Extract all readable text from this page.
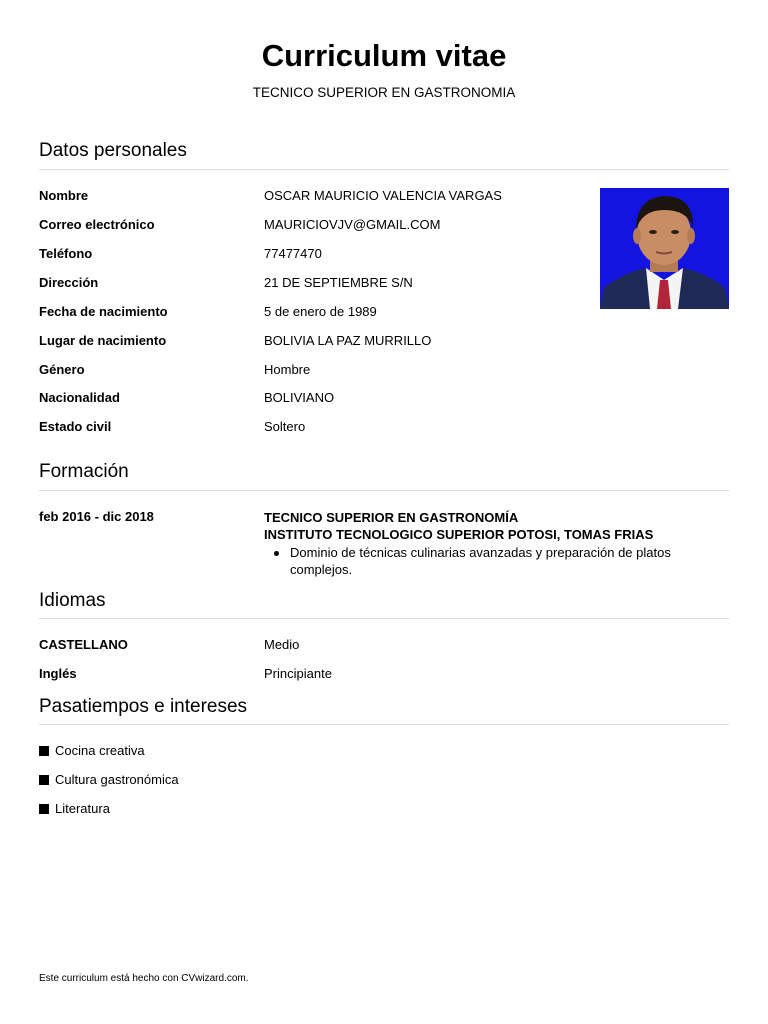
Curriculum vitae
TECNICO SUPERIOR EN GASTRONOMIA
Datos personales
Nombre	OSCAR MAURICIO VALENCIA VARGAS
Correo electrónico	MAURICIOVJV@GMAIL.COM
Teléfono	77477470
Dirección	21 DE SEPTIEMBRE S/N
Fecha de nacimiento	5 de enero de 1989
Lugar de nacimiento	BOLIVIA LA PAZ MURRILLO
Género	Hombre
Nacionalidad	BOLIVIANO
Estado civil	Soltero
Formación
feb 2016 - dic 2018	TECNICO SUPERIOR EN GASTRONOMÍA
INSTITUTO TECNOLOGICO SUPERIOR POTOSI, TOMAS FRIAS
Dominio de técnicas culinarias avanzadas y preparación de platos complejos.
Idiomas
CASTELLANO	Medio
Inglés	Principiante
Pasatiempos e intereses
Cocina creativa
Cultura gastronómica
Literatura
Este curriculum está hecho con CVwizard.com.
